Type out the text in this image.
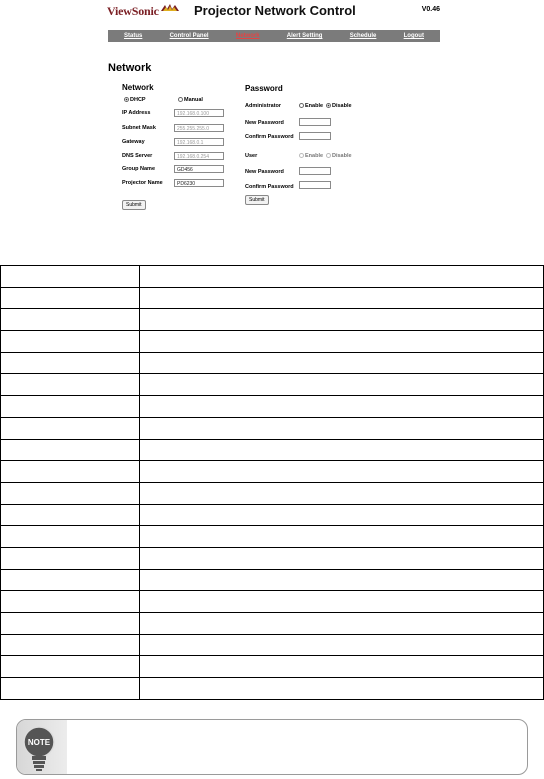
ViewSonic	Projector Network Control	V0.46
Status	Control Panel	Network	Alert Setting	Schedule	Logout
Network
Network
DHCP	Manual
IP Address	192.168.0.100
Subnet Mask	255.255.255.0
Gateway	192.168.0.1
DNS Server	192.168.0.254
Group Name	GD456
Projector Name	PD6230
Submit
Password
Administrator	Enable	Disable
New Password
Confirm Password
User	Enable	Disable
New Password
Confirm Password
Submit

NOTE
